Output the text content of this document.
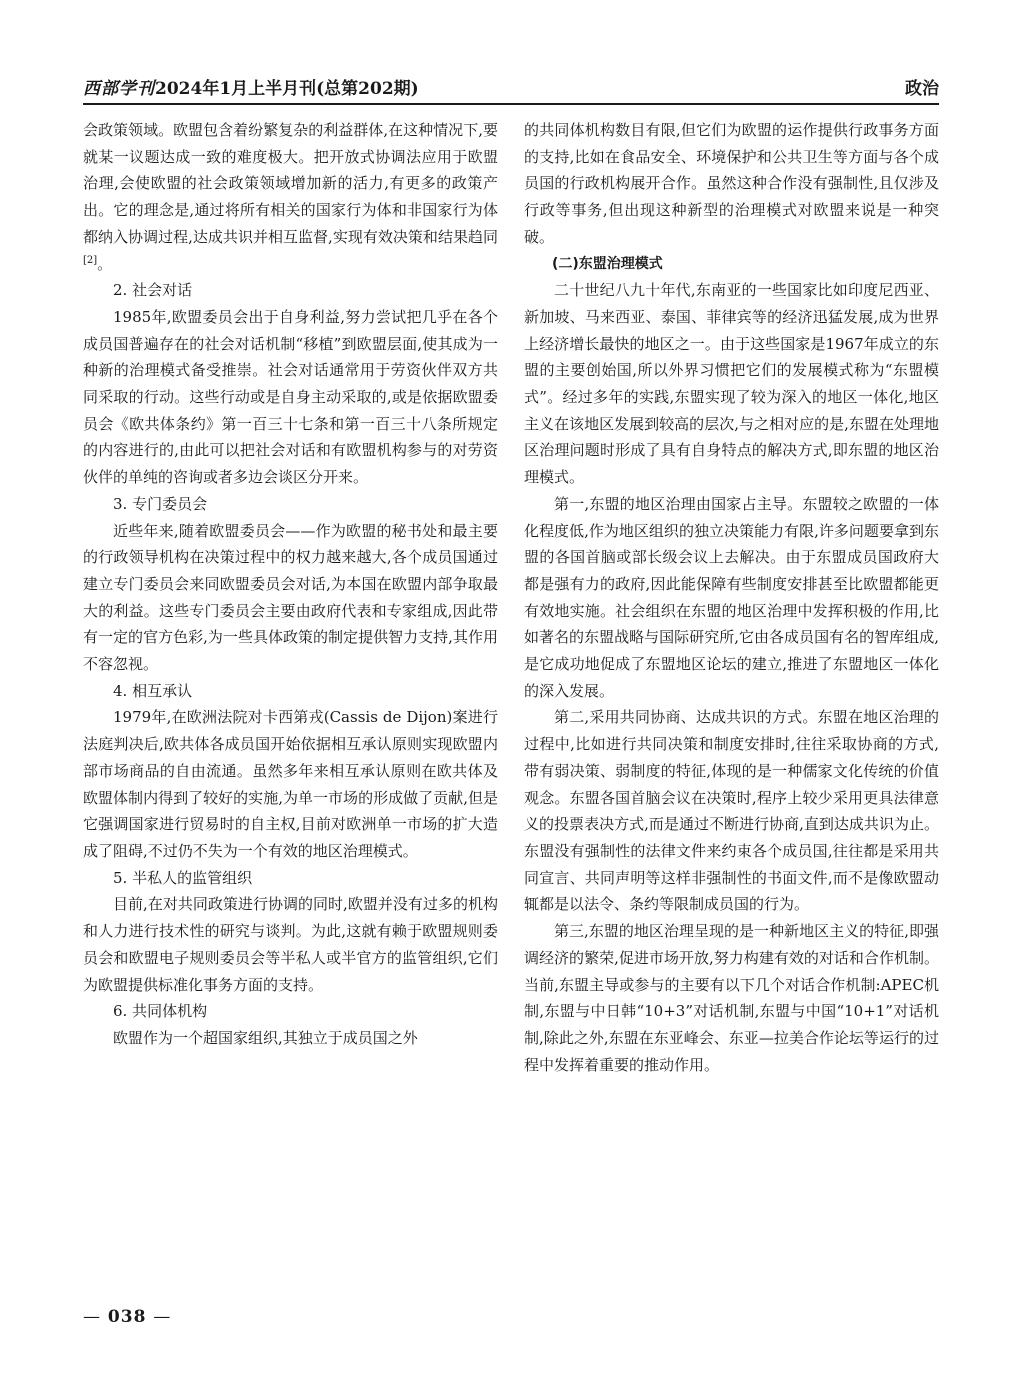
西部学刊2024年1月上半月刊(总第202期)	政治

会政策领域。欧盟包含着纷繁复杂的利益群体,在这种情况下,要就某一议题达成一致的难度极大。把开放式协调法应用于欧盟治理,会使欧盟的社会政策领域增加新的活力,有更多的政策产出。它的理念是,通过将所有相关的国家行为体和非国家行为体都纳入协调过程,达成共识并相互监督,实现有效决策和结果趋同[2]。

2. 社会对话

1985年,欧盟委员会出于自身利益,努力尝试把几乎在各个成员国普遍存在的社会对话机制“移植”到欧盟层面,使其成为一种新的治理模式备受推崇。社会对话通常用于劳资伙伴双方共同采取的行动。这些行动或是自身主动采取的,或是依据欧盟委员会《欧共体条约》第一百三十七条和第一百三十八条所规定的内容进行的,由此可以把社会对话和有欧盟机构参与的对劳资伙伴的单纯的咨询或者多边会谈区分开来。

3. 专门委员会

近些年来,随着欧盟委员会——作为欧盟的秘书处和最主要的行政领导机构在决策过程中的权力越来越大,各个成员国通过建立专门委员会来同欧盟委员会对话,为本国在欧盟内部争取最大的利益。这些专门委员会主要由政府代表和专家组成,因此带有一定的官方色彩,为一些具体政策的制定提供智力支持,其作用不容忽视。

4. 相互承认

1979年,在欧洲法院对卡西第戎(Cassis de Dijon)案进行法庭判决后,欧共体各成员国开始依据相互承认原则实现欧盟内部市场商品的自由流通。虽然多年来相互承认原则在欧共体及欧盟体制内得到了较好的实施,为单一市场的形成做了贡献,但是它强调国家进行贸易时的自主权,目前对欧洲单一市场的扩大造成了阻碍,不过仍不失为一个有效的地区治理模式。

5. 半私人的监管组织

目前,在对共同政策进行协调的同时,欧盟并没有过多的机构和人力进行技术性的研究与谈判。为此,这就有赖于欧盟规则委员会和欧盟电子规则委员会等半私人或半官方的监管组织,它们为欧盟提供标准化事务方面的支持。

6. 共同体机构

欧盟作为一个超国家组织,其独立于成员国之外

的共同体机构数目有限,但它们为欧盟的运作提供行政事务方面的支持,比如在食品安全、环境保护和公共卫生等方面与各个成员国的行政机构展开合作。虽然这种合作没有强制性,且仅涉及行政等事务,但出现这种新型的治理模式对欧盟来说是一种突破。

(二)东盟治理模式

二十世纪八九十年代,东南亚的一些国家比如印度尼西亚、新加坡、马来西亚、泰国、菲律宾等的经济迅猛发展,成为世界上经济增长最快的地区之一。由于这些国家是1967年成立的东盟的主要创始国,所以外界习惯把它们的发展模式称为“东盟模式”。经过多年的实践,东盟实现了较为深入的地区一体化,地区主义在该地区发展到较高的层次,与之相对应的是,东盟在处理地区治理问题时形成了具有自身特点的解决方式,即东盟的地区治理模式。

第一,东盟的地区治理由国家占主导。东盟较之欧盟的一体化程度低,作为地区组织的独立决策能力有限,许多问题要拿到东盟的各国首脑或部长级会议上去解决。由于东盟成员国政府大都是强有力的政府,因此能保障有些制度安排甚至比欧盟都能更有效地实施。社会组织在东盟的地区治理中发挥积极的作用,比如著名的东盟战略与国际研究所,它由各成员国有名的智库组成,是它成功地促成了东盟地区论坛的建立,推进了东盟地区一体化的深入发展。

第二,采用共同协商、达成共识的方式。东盟在地区治理的过程中,比如进行共同决策和制度安排时,往往采取协商的方式,带有弱决策、弱制度的特征,体现的是一种儒家文化传统的价值观念。东盟各国首脑会议在决策时,程序上较少采用更具法律意义的投票表决方式,而是通过不断进行协商,直到达成共识为止。东盟没有强制性的法律文件来约束各个成员国,往往都是采用共同宣言、共同声明等这样非强制性的书面文件,而不是像欧盟动辄都是以法令、条约等限制成员国的行为。

第三,东盟的地区治理呈现的是一种新地区主义的特征,即强调经济的繁荣,促进市场开放,努力构建有效的对话和合作机制。当前,东盟主导或参与的主要有以下几个对话合作机制:APEC机制,东盟与中日韩“10+3”对话机制,东盟与中国“10+1”对话机制,除此之外,东盟在东亚峰会、东亚—拉美合作论坛等运行的过程中发挥着重要的推动作用。

— 038 —
